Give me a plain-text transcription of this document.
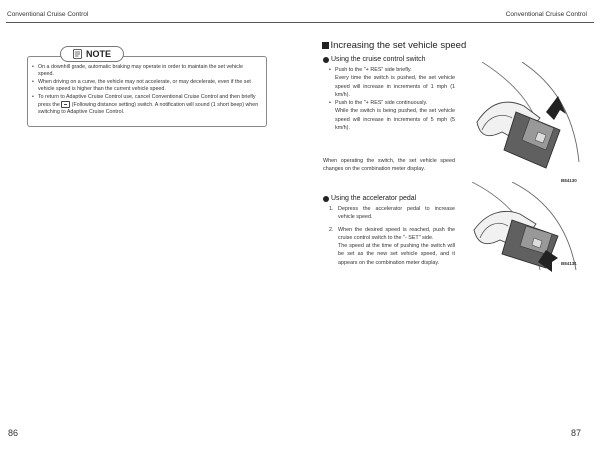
Conventional Cruise Control	Conventional Cruise Control
NOTE
• On a downhill grade, automatic braking may operate in order to maintain the set vehicle speed.
• When driving on a curve, the vehicle may not accelerate, or may decelerate, even if the set vehicle speed is higher than the current vehicle speed.
• To return to Adaptive Cruise Control use, cancel Conventional Cruise Control and then briefly press the (Following distance setting) switch. A notification will sound (1 short beep) when switching to Adaptive Cruise Control.
86
Increasing the set vehicle speed
Using the cruise control switch
• Push to the "+ RES" side briefly.
Every time the switch is pushed, the set vehicle speed will increase in increments of 1 mph (1 km/h).
• Push to the "+ RES" side continuously.
While the switch is being pushed, the set vehicle speed will increase in increments of 5 mph (5 km/h).
When operating the switch, the set vehicle speed changes on the combination meter display.
B84130
Using the accelerator pedal
1. Depress the accelerator pedal to increase vehicle speed.
2. When the desired speed is reached, push the cruise control switch to the "- SET" side.
The speed at the time of pushing the switch will be set as the new set vehicle speed, and it appears on the combination meter display.	B84131
87
